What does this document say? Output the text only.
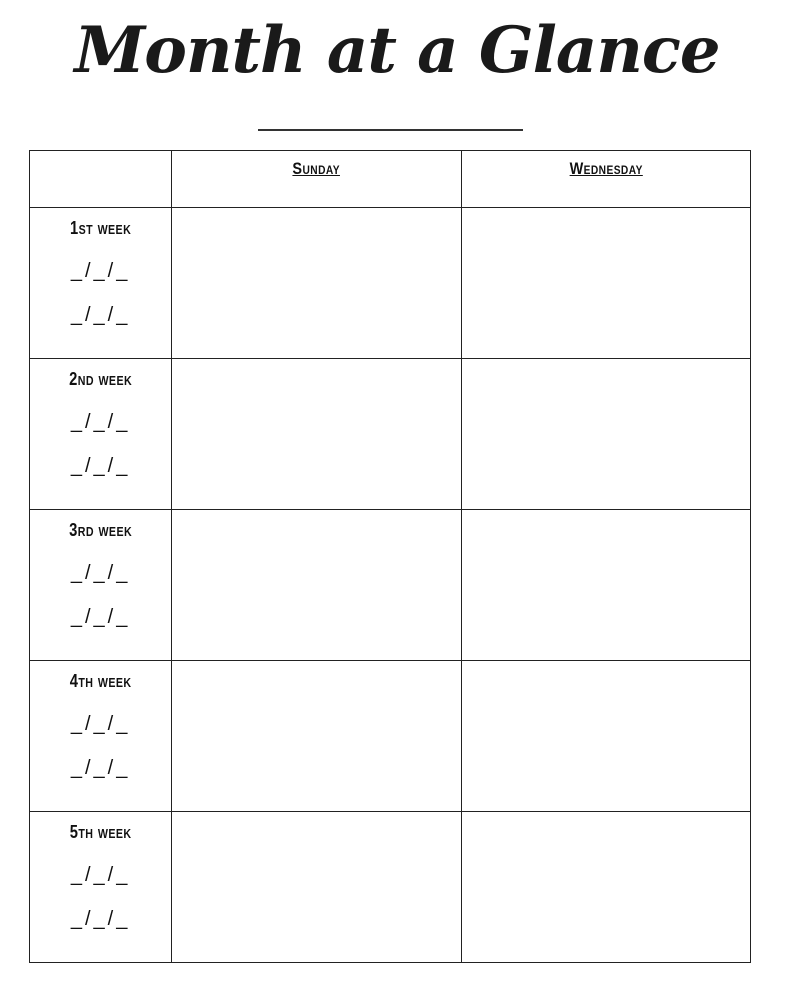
Month at a Glance

	Sunday	Wednesday

1st week
_/_/_
_/_/_		

2nd week
_/_/_
_/_/_		

3rd week
_/_/_
_/_/_		

4th week
_/_/_
_/_/_		

5th week
_/_/_
_/_/_		
